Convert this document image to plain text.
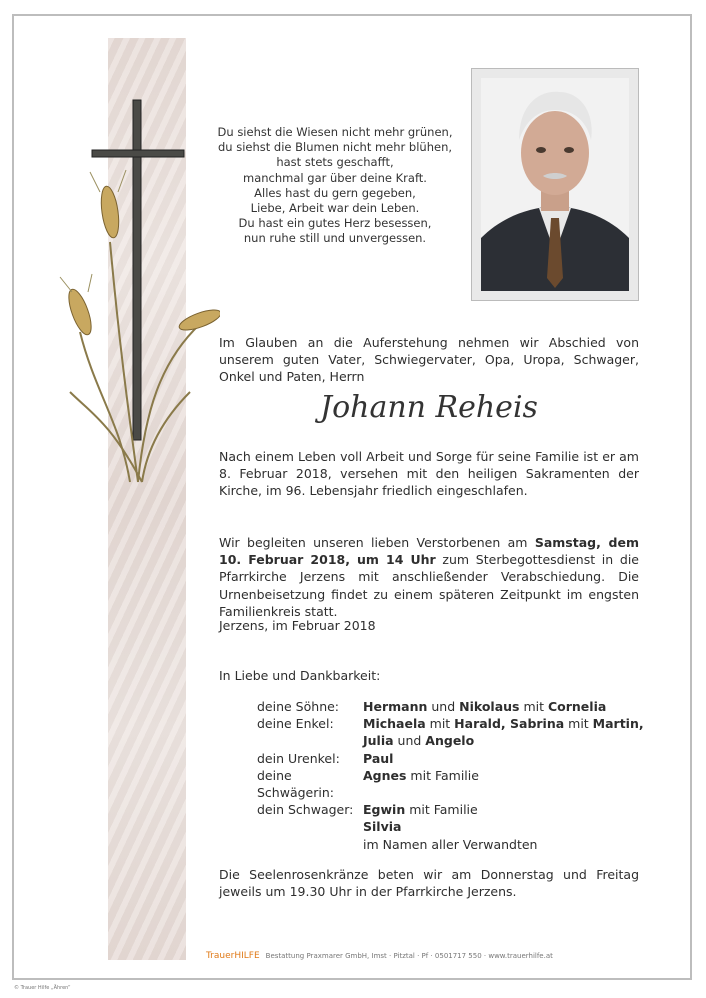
Du siehst die Wiesen nicht mehr grünen,
du siehst die Blumen nicht mehr blühen,
hast stets geschafft,
manchmal gar über deine Kraft.
Alles hast du gern gegeben,
Liebe, Arbeit war dein Leben.
Du hast ein gutes Herz besessen,
nun ruhe still und unvergessen.
Im Glauben an die Auferstehung nehmen wir Abschied von unserem guten Vater, Schwiegervater, Opa, Uropa, Schwager, Onkel und Paten, Herrn
Johann Reheis
Nach einem Leben voll Arbeit und Sorge für seine Familie ist er am 8. Februar 2018, versehen mit den heiligen Sakramenten der Kirche, im 96. Lebensjahr friedlich eingeschlafen.
Wir begleiten unseren lieben Verstorbenen am Samstag, dem 10. Februar 2018, um 14 Uhr zum Sterbegottesdienst in die Pfarrkirche Jerzens mit anschließender Verabschiedung. Die Urnenbeisetzung findet zu einem späteren Zeitpunkt im engsten Familienkreis statt.
Jerzens, im Februar 2018
In Liebe und Dankbarkeit:
deine Söhne:	Hermann und Nikolaus mit Cornelia
deine Enkel:	Michaela mit Harald, Sabrina mit Martin,
Julia und Angelo
dein Urenkel:	Paul
deine Schwägerin:
Agnes mit Familie
dein Schwager: Egwin mit Familie
Silvia
im Namen aller Verwandten
Die Seelenrosenkränze beten wir am Donnerstag und Freitag jeweils um 19.30 Uhr in der Pfarrkirche Jerzens.
TrauerHILFE Bestattung Praxmarer GmbH, Imst · Pitztal · Pf · 0501717 550 · www.trauerhilfe.at
© Trauer Hilfe „Ähren“
